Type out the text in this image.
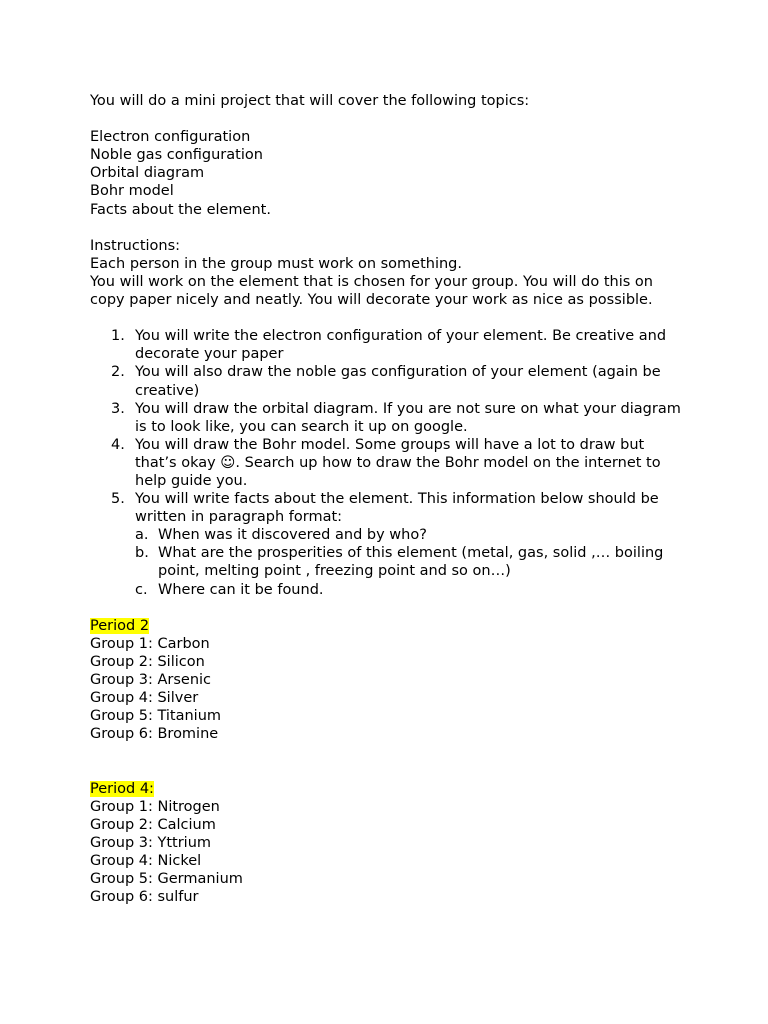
You will do a mini project that will cover the following topics:

Electron configuration

Noble gas configuration

Orbital diagram

Bohr model

Facts about the element.

Instructions:

Each person in the group must work on something.

You will work on the element that is chosen for your group. You will do this on copy paper nicely and neatly. You will decorate your work as nice as possible.

1. You will write the electron configuration of your element. Be creative and decorate your paper
2. You will also draw the noble gas configuration of your element (again be creative)
3. You will draw the orbital diagram. If you are not sure on what your diagram is to look like, you can search it up on google.
4. You will draw the Bohr model. Some groups will have a lot to draw but that’s okay ☺. Search up how to draw the Bohr model on the internet to help guide you.
5. You will write facts about the element. This information below should be written in paragraph format:
a. When was it discovered and by who?
b. What are the prosperities of this element (metal, gas, solid ,… boiling point, melting point , freezing point and so on…)
c. Where can it be found.

Period 2

Group 1: Carbon

Group 2: Silicon

Group 3: Arsenic

Group 4: Silver

Group 5: Titanium

Group 6: Bromine

Period 4:

Group 1: Nitrogen

Group 2: Calcium

Group 3: Yttrium

Group 4: Nickel

Group 5: Germanium

Group 6: sulfur
